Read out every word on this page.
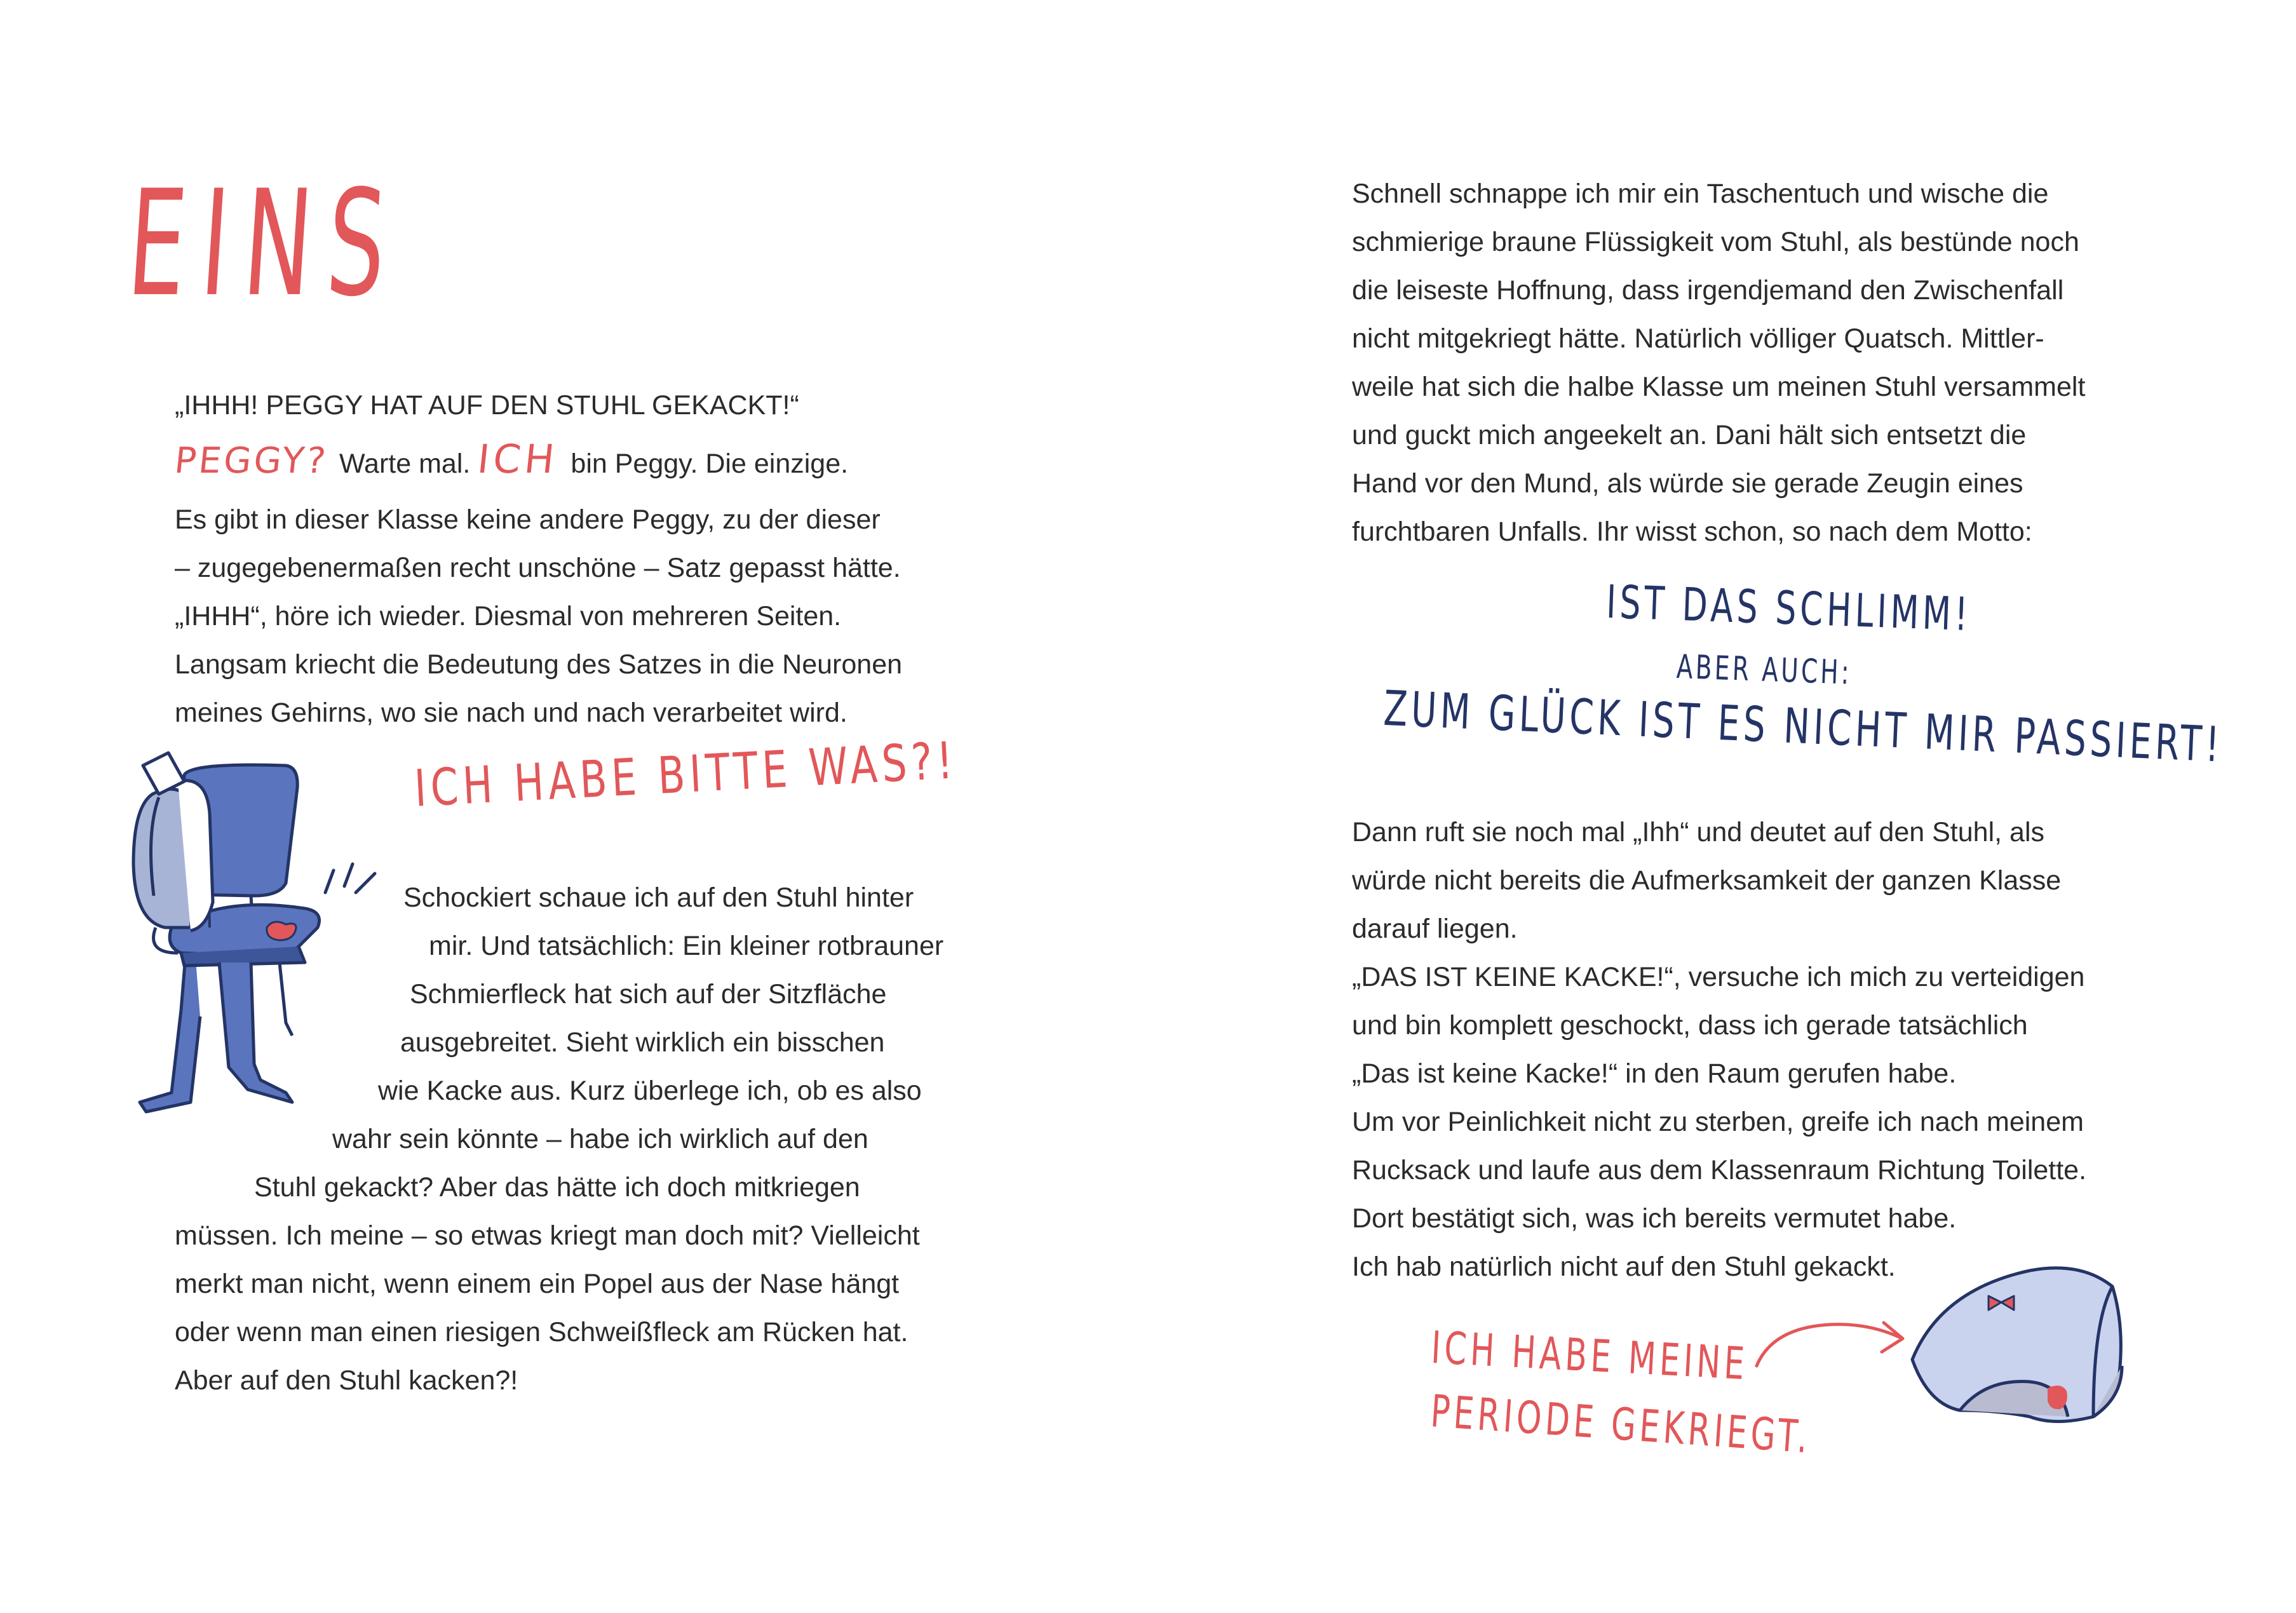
EINS
„IHHH! PEGGY HAT AUF DEN STUHL GEKACKT!“
PEGGY? Warte mal. ICH bin Peggy. Die einzige.
Es gibt in dieser Klasse keine andere Peggy, zu der dieser
– zugegebenermaßen recht unschöne – Satz gepasst hätte.
„IHHH“, höre ich wieder. Diesmal von mehreren Seiten.
Langsam kriecht die Bedeutung des Satzes in die Neuronen
meines Gehirns, wo sie nach und nach verarbeitet wird.
ICH HABE BITTE WAS?!
Schockiert schaue ich auf den Stuhl hinter
mir. Und tatsächlich: Ein kleiner rotbrauner
Schmierfleck hat sich auf der Sitzfläche
ausgebreitet. Sieht wirklich ein bisschen
wie Kacke aus. Kurz überlege ich, ob es also
wahr sein könnte – habe ich wirklich auf den
Stuhl gekackt? Aber das hätte ich doch mitkriegen
müssen. Ich meine – so etwas kriegt man doch mit? Vielleicht
merkt man nicht, wenn einem ein Popel aus der Nase hängt
oder wenn man einen riesigen Schweißfleck am Rücken hat.
Aber auf den Stuhl kacken?!
Schnell schnappe ich mir ein Taschentuch und wische die
schmierige braune Flüssigkeit vom Stuhl, als bestünde noch
die leiseste Hoffnung, dass irgendjemand den Zwischenfall
nicht mitgekriegt hätte. Natürlich völliger Quatsch. Mittler-
weile hat sich die halbe Klasse um meinen Stuhl versammelt
und guckt mich angeekelt an. Dani hält sich entsetzt die
Hand vor den Mund, als würde sie gerade Zeugin eines
furchtbaren Unfalls. Ihr wisst schon, so nach dem Motto:
IST DAS SCHLIMM!
ABER AUCH:
ZUM GLÜCK IST ES NICHT MIR PASSIERT!
Dann ruft sie noch mal „Ihh“ und deutet auf den Stuhl, als
würde nicht bereits die Aufmerksamkeit der ganzen Klasse
darauf liegen.
„DAS IST KEINE KACKE!“, versuche ich mich zu verteidigen
und bin komplett geschockt, dass ich gerade tatsächlich
„Das ist keine Kacke!“ in den Raum gerufen habe.
Um vor Peinlichkeit nicht zu sterben, greife ich nach meinem
Rucksack und laufe aus dem Klassenraum Richtung Toilette.
Dort bestätigt sich, was ich bereits vermutet habe.
Ich hab natürlich nicht auf den Stuhl gekackt.
ICH HABE MEINE
PERIODE GEKRIEGT.
